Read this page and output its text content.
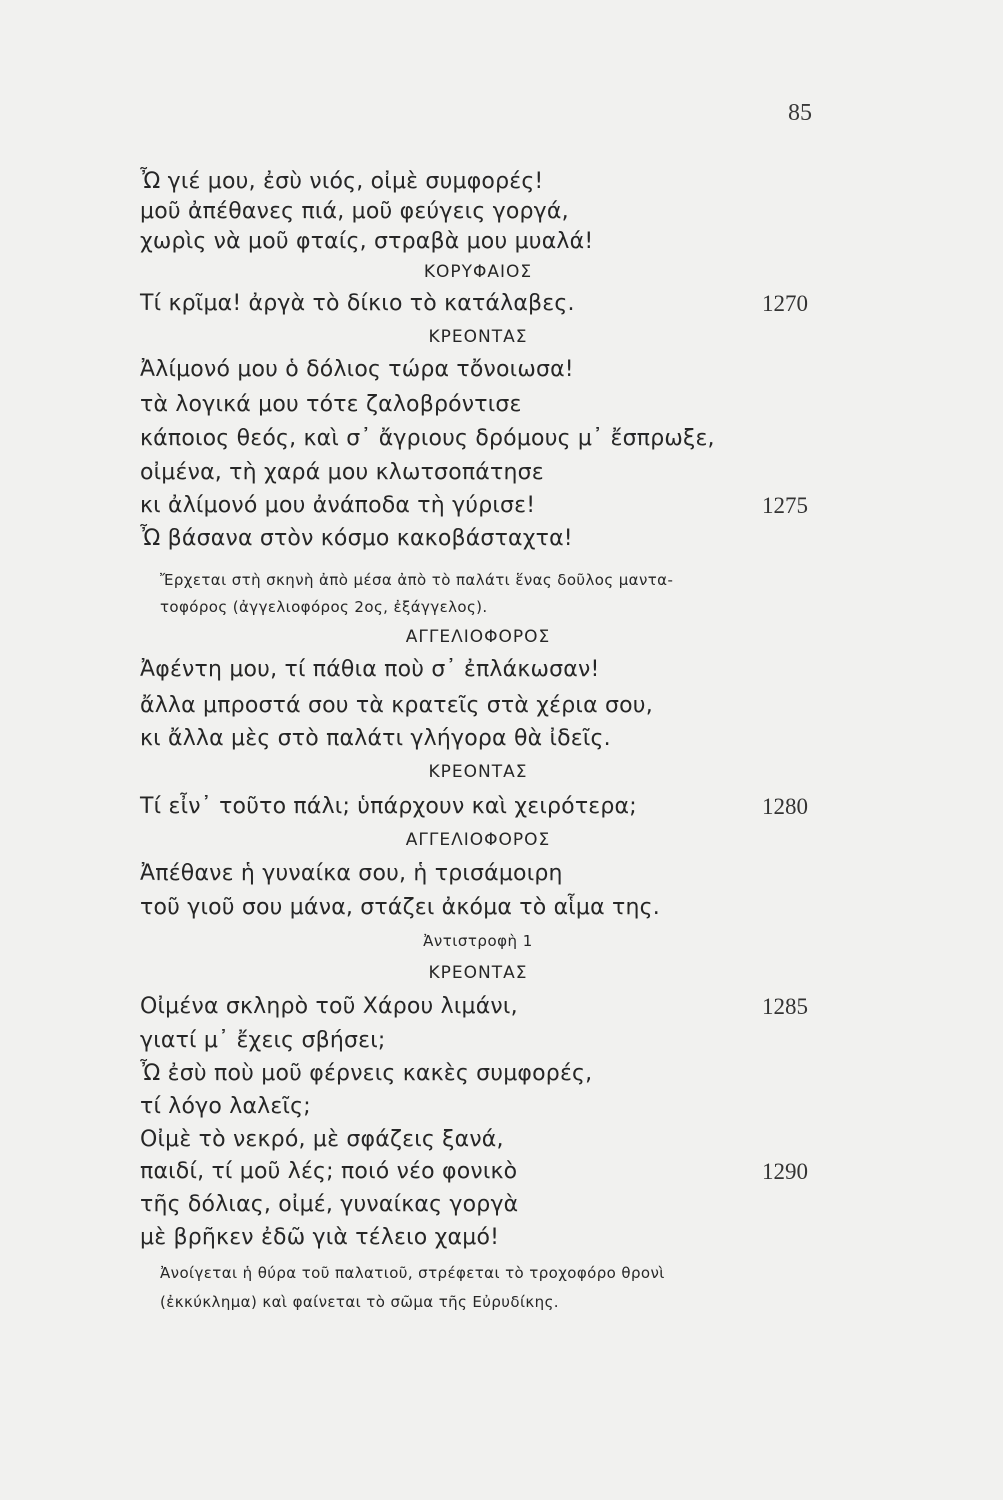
85
Ὦ γιέ μου, ἐσὺ νιός, οἰμὲ συμφορές!
μοῦ ἀπέθανες πιά, μοῦ φεύγεις γοργά,
χωρὶς νὰ μοῦ φταίς, στραβὰ μου μυαλά!
ΚΟΡΥΦΑΙΟΣ
Τί κρῖμα! ἀργὰ τὸ δίκιο τὸ κατάλαβες.	1270
ΚΡΕΟΝΤΑΣ
Ἀλίμονό μου ὁ δόλιος τώρα τὄνοιωσα!
τὰ λογικά μου τότε ζαλοβρόντισε
κάποιος θεός, καὶ σ᾿ ἄγριους δρόμους μ᾿ ἔσπρωξε,
οἰμένα, τὴ χαρά μου κλωτσοπάτησε
κι ἀλίμονό μου ἀνάποδα τὴ γύρισε!	1275
Ὦ βάσανα στὸν κόσμο κακοβάσταχτα!
Ἔρχεται στὴ σκηνὴ ἀπὸ μέσα ἀπὸ τὸ παλάτι ἕνας δοῦλος μαντα-
τοφόρος (ἀγγελιοφόρος 2ος, ἐξάγγελος).
ΑΓΓΕΛΙΟΦΟΡΟΣ
Ἀφέντη μου, τί πάθια ποὺ σ᾿ ἐπλάκωσαν!
ἄλλα μπροστά σου τὰ κρατεῖς στὰ χέρια σου,
κι ἄλλα μὲς στὸ παλάτι γλήγορα θὰ ἰδεῖς.
ΚΡΕΟΝΤΑΣ
Τί εἶν᾿ τοῦτο πάλι; ὑπάρχουν καὶ χειρότερα;	1280
ΑΓΓΕΛΙΟΦΟΡΟΣ
Ἀπέθανε ἡ γυναίκα σου, ἡ τρισάμοιρη
τοῦ γιοῦ σου μάνα, στάζει ἀκόμα τὸ αἷμα της.
Ἀντιστροφὴ 1
ΚΡΕΟΝΤΑΣ
Οἰμένα σκληρὸ τοῦ Χάρου λιμάνι,	1285
γιατί μ᾿ ἔχεις σβήσει;
Ὦ ἐσὺ ποὺ μοῦ φέρνεις κακὲς συμφορές,
τί λόγο λαλεῖς;
Οἰμὲ τὸ νεκρό, μὲ σφάζεις ξανά,
παιδί, τί μοῦ λές; ποιό νέο φονικὸ	1290
τῆς δόλιας, οἰμέ, γυναίκας γοργὰ
μὲ βρῆκεν ἐδῶ γιὰ τέλειο χαμό!
Ἀνοίγεται ἡ θύρα τοῦ παλατιοῦ, στρέφεται τὸ τροχοφόρο θρονὶ
(ἐκκύκλημα) καὶ φαίνεται τὸ σῶμα τῆς Εὐρυδίκης.
